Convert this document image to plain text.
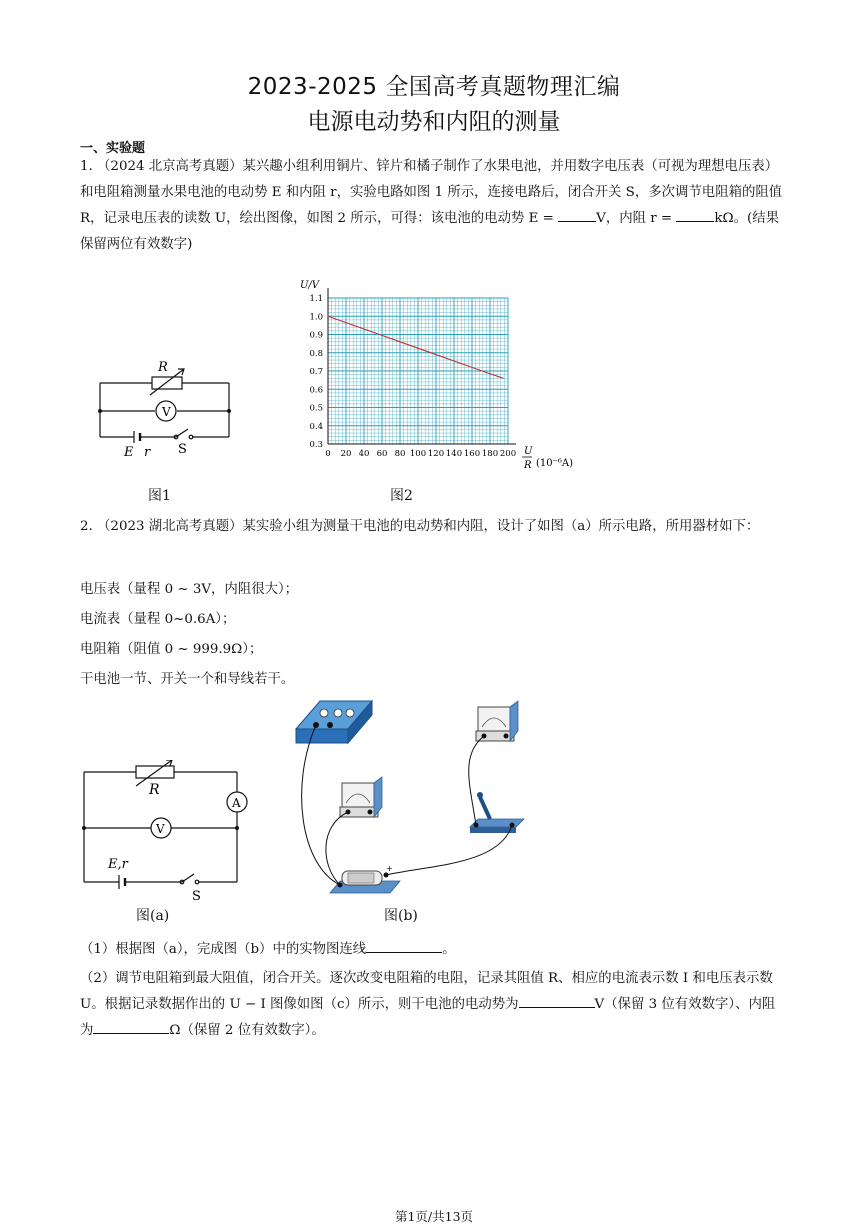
2023-2025 全国高考真题物理汇编
电源电动势和内阻的测量
一、实验题
1. （2024 北京高考真题）某兴趣小组利用铜片、锌片和橘子制作了水果电池，并用数字电压表（可视为理想电压表）和电阻箱测量水果电池的电动势 E 和内阻 r，实验电路如图 1 所示，连接电路后，闭合开关 S，多次调节电阻箱的阻值 R，记录电压表的读数 U，绘出图像，如图 2 所示，可得：该电池的电动势 E =	V，内阻 r =	kΩ。(结果保留两位有效数字)
R
V
E r S
图1
0 20 40 60 80 100 120 140 160 180 200
0.3
0.4
0.5
0.6
0.7
0.8
0.9
1.0
1.1
U/V
U
R (10⁻⁶A)
图2
2. （2023 湖北高考真题）某实验小组为测量干电池的电动势和内阻，设计了如图（a）所示电路，所用器材如下：
电压表（量程 0 ~ 3V，内阻很大）；
电流表（量程 0~0.6A）；
电阻箱（阻值 0 ~ 999.9Ω）；
干电池一节、开关一个和导线若干。
R
A
V
E,r
S
图(a)
+
图(b)
（1）根据图（a），完成图（b）中的实物图连线	。
（2）调节电阻箱到最大阻值，闭合开关。逐次改变电阻箱的电阻，记录其阻值 R、相应的电流表示数 I 和电压表示数 U。根据记录数据作出的 U − I 图像如图（c）所示，则干电池的电动势为	V（保留 3 位有效数字）、内阻为	Ω（保留 2 位有效数字）。
第1页/共13页
